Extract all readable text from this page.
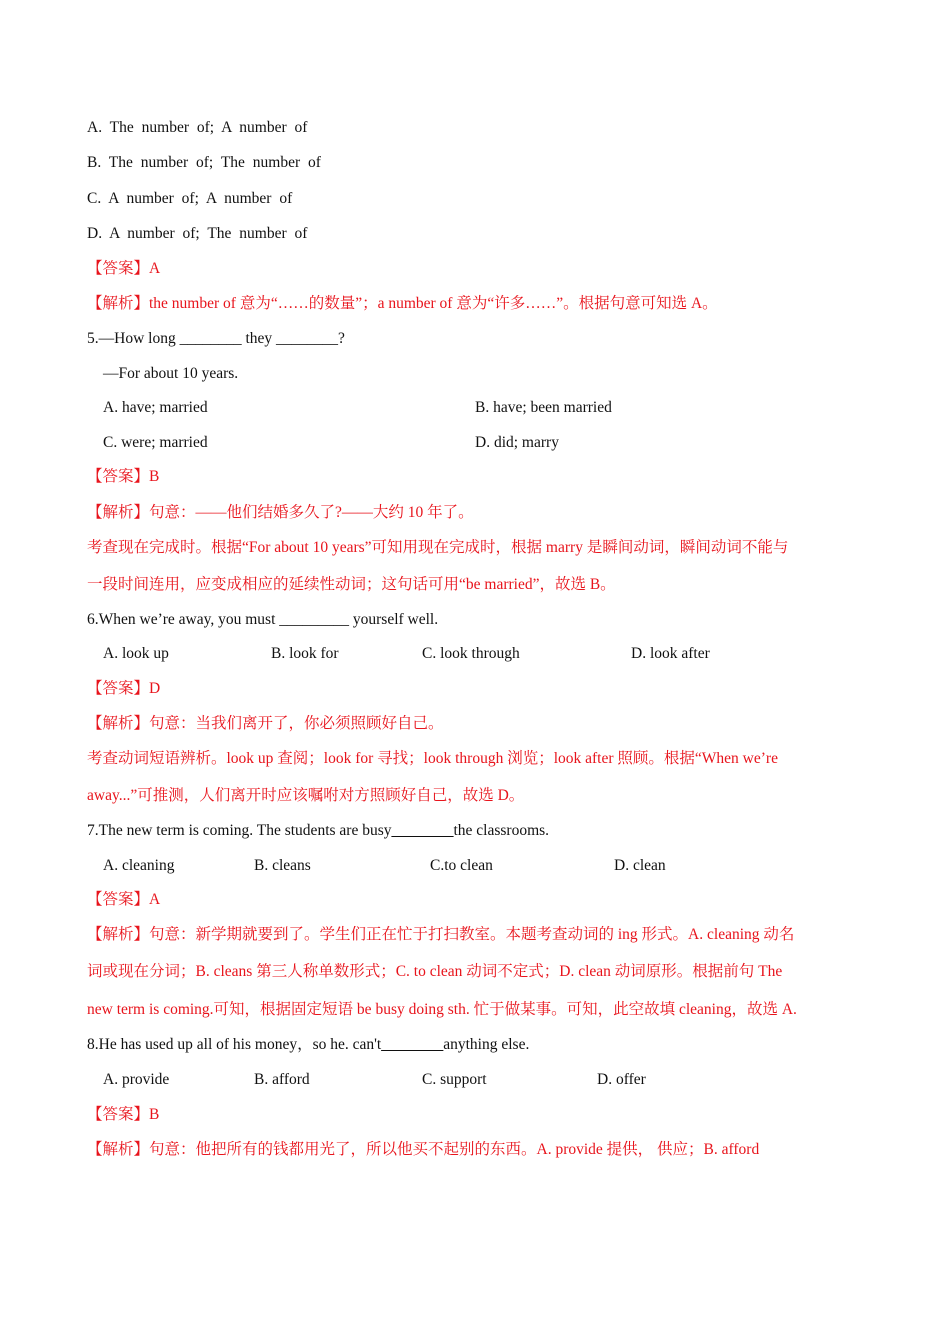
A. The number of; A number of
B. The number of; The number of
C. A number of; A number of
D. A number of; The number of
【答案】A
【解析】the number of 意为“……的数量”；a number of 意为“许多……”。根据句意可知选 A。
5.—How long ________ they ________?
—For about 10 years.
A. have; married	B. have; been married
C. were; married	D. did; marry
【答案】B
【解析】句意：——他们结婚多久了?——大约 10 年了。
考查现在完成时。根据“For about 10 years”可知用现在完成时，根据 marry 是瞬间动词，瞬间动词不能与
一段时间连用，应变成相应的延续性动词；这句话可用“be married”，故选 B。
6.When we’re away, you must _________ yourself well.
A. look up	B. look for	C. look through	D. look after
【答案】D
【解析】句意：当我们离开了，你必须照顾好自己。
考查动词短语辨析。look up 查阅；look for 寻找；look through 浏览；look after 照顾。根据“When we’re
away...”可推测，人们离开时应该嘱咐对方照顾好自己，故选 D。
7.The new term is coming. The students are busy________the classrooms.
A. cleaning	B. cleans	C.to clean	D. clean
【答案】A
【解析】句意：新学期就要到了。学生们正在忙于打扫教室。本题考查动词的 ing 形式。A. cleaning 动名
词或现在分词；B. cleans 第三人称单数形式；C. to clean 动词不定式；D. clean 动词原形。根据前句 The
new term is coming.可知，根据固定短语 be busy doing sth. 忙于做某事。可知，此空故填 cleaning，故选 A.
8.He has used up all of his money，so he. can't________anything else.
A. provide	B. afford	C. support	D. offer
【答案】B
【解析】句意：他把所有的钱都用光了，所以他买不起别的东西。A. provide 提供， 供应；B. afford
